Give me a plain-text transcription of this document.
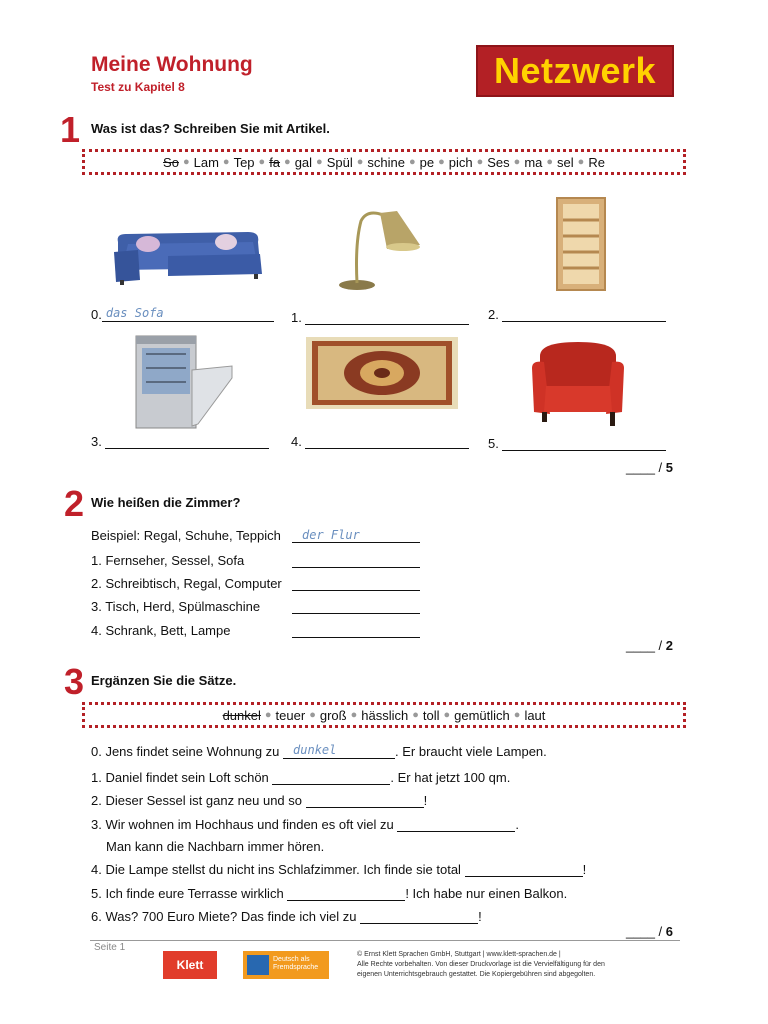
Meine Wohnung
Test zu Kapitel 8	Netzwerk
1 Was ist das? Schreiben Sie mit Artikel.
So ● Lam ● Tep ● fa ● gal ● Spül ● schine ● pe ● pich ● Ses ● ma ● sel ● Re
0. das Sofa	1.	2.
3.	4.	5.
____ / 5
2 Wie heißen die Zimmer?
Beispiel: Regal, Schuhe, Teppich der Flur
1. Fernseher, Sessel, Sofa
2. Schreibtisch, Regal, Computer
3. Tisch, Herd, Spülmaschine
4. Schrank, Bett, Lampe
____ / 2
3 Ergänzen Sie die Sätze.
dunkel ● teuer ● groß ● hässlich ● toll ● gemütlich ● laut
0. Jens findet seine Wohnung zu dunkel	. Er braucht viele Lampen.
1. Daniel findet sein Loft schön	. Er hat jetzt 100 qm.
2. Dieser Sessel ist ganz neu und so	!
3. Wir wohnen im Hochhaus und finden es oft viel zu	.
Man kann die Nachbarn immer hören.
4. Die Lampe stellst du nicht ins Schlafzimmer. Ich finde sie total	!
5. Ich finde eure Terrasse wirklich	! Ich habe nur einen Balkon.
6. Was? 700 Euro Miete? Das finde ich viel zu	!
____ / 6
Seite 1
Klett	Deutsch als
Fremdsprache
© Ernst Klett Sprachen GmbH, Stuttgart | www.klett-sprachen.de |
Alle Rechte vorbehalten. Von dieser Druckvorlage ist die Vervielfältigung für den
eigenen Unterrichtsgebrauch gestattet. Die Kopiergebühren sind abgegolten.
